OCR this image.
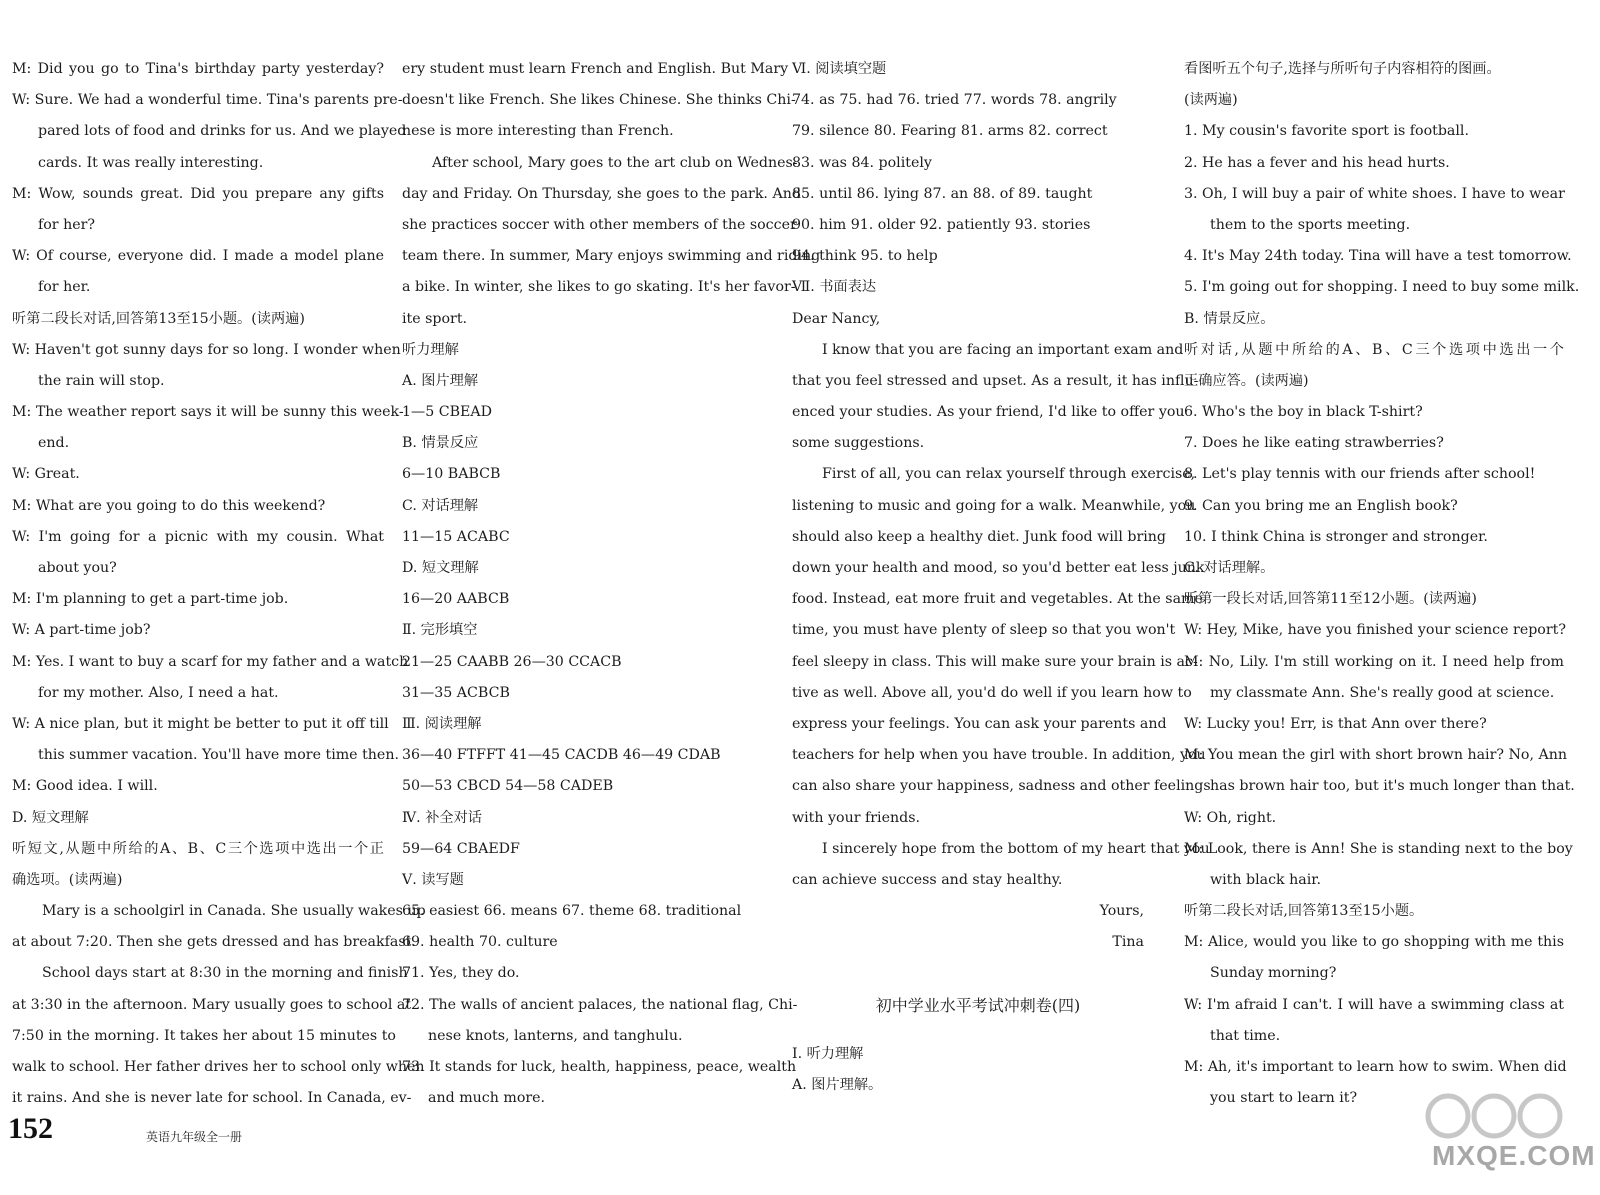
M: Did you go to Tina's birthday party yesterday?
W: Sure. We had a wonderful time. Tina's parents pre-
pared lots of food and drinks for us. And we played
cards. It was really interesting.
M: Wow, sounds great. Did you prepare any gifts
for her?
W: Of course, everyone did. I made a model plane
for her.
听第二段长对话,回答第13至15小题。(读两遍)
W: Haven't got sunny days for so long. I wonder when
the rain will stop.
M: The weather report says it will be sunny this week-
end.
W: Great.
M: What are you going to do this weekend?
W: I'm going for a picnic with my cousin. What
about you?
M: I'm planning to get a part-time job.
W: A part-time job?
M: Yes. I want to buy a scarf for my father and a watch
for my mother. Also, I need a hat.
W: A nice plan, but it might be better to put it off till
this summer vacation. You'll have more time then.
M: Good idea. I will.
D. 短文理解
听短文,从题中所给的A、B、C三个选项中选出一个正
确选项。(读两遍)
Mary is a schoolgirl in Canada. She usually wakes up
at about 7:20. Then she gets dressed and has breakfast.
School days start at 8:30 in the morning and finish
at 3:30 in the afternoon. Mary usually goes to school at
7:50 in the morning. It takes her about 15 minutes to
walk to school. Her father drives her to school only when
it rains. And she is never late for school. In Canada, ev-
ery student must learn French and English. But Mary
doesn't like French. She likes Chinese. She thinks Chi-
nese is more interesting than French.
After school, Mary goes to the art club on Wednes-
day and Friday. On Thursday, she goes to the park. And
she practices soccer with other members of the soccer
team there. In summer, Mary enjoys swimming and riding
a bike. In winter, she likes to go skating. It's her favor-
ite sport.
听力理解
A. 图片理解
1—5 CBEAD
B. 情景反应
6—10 BABCB
C. 对话理解
11—15 ACABC
D. 短文理解
16—20 AABCB
Ⅱ. 完形填空
21—25 CAABB 26—30 CCACB
31—35 ACBCB
Ⅲ. 阅读理解
36—40 FTFFT 41—45 CACDB 46—49 CDAB
50—53 CBCD 54—58 CADEB
Ⅳ. 补全对话
59—64 CBAEDF
Ⅴ. 读写题
65. easiest 66. means 67. theme 68. traditional
69. health 70. culture
71. Yes, they do.
72. The walls of ancient palaces, the national flag, Chi-
nese knots, lanterns, and tanghulu.
73. It stands for luck, health, happiness, peace, wealth
and much more.
Ⅵ. 阅读填空题
74. as 75. had 76. tried 77. words 78. angrily
79. silence 80. Fearing 81. arms 82. correct
83. was 84. politely
85. until 86. lying 87. an 88. of 89. taught
90. him 91. older 92. patiently 93. stories
94. think 95. to help
Ⅶ. 书面表达
Dear Nancy,
I know that you are facing an important exam and
that you feel stressed and upset. As a result, it has influ-
enced your studies. As your friend, I'd like to offer you
some suggestions.
First of all, you can relax yourself through exercise,
listening to music and going for a walk. Meanwhile, you
should also keep a healthy diet. Junk food will bring
down your health and mood, so you'd better eat less junk
food. Instead, eat more fruit and vegetables. At the same
time, you must have plenty of sleep so that you won't
feel sleepy in class. This will make sure your brain is ac-
tive as well. Above all, you'd do well if you learn how to
express your feelings. You can ask your parents and
teachers for help when you have trouble. In addition, you
can also share your happiness, sadness and other feelings
with your friends.
I sincerely hope from the bottom of my heart that you
can achieve success and stay healthy.
Yours,
Tina
初中学业水平考试冲刺卷(四)
Ⅰ. 听力理解
A. 图片理解。
看图听五个句子,选择与所听句子内容相符的图画。
(读两遍)
1. My cousin's favorite sport is football.
2. He has a fever and his head hurts.
3. Oh, I will buy a pair of white shoes. I have to wear
them to the sports meeting.
4. It's May 24th today. Tina will have a test tomorrow.
5. I'm going out for shopping. I need to buy some milk.
B. 情景反应。
听对话,从题中所给的A、B、C三个选项中选出一个
正确应答。(读两遍)
6. Who's the boy in black T-shirt?
7. Does he like eating strawberries?
8. Let's play tennis with our friends after school!
9. Can you bring me an English book?
10. I think China is stronger and stronger.
C. 对话理解。
听第一段长对话,回答第11至12小题。(读两遍)
W: Hey, Mike, have you finished your science report?
M: No, Lily. I'm still working on it. I need help from
my classmate Ann. She's really good at science.
W: Lucky you! Err, is that Ann over there?
M: You mean the girl with short brown hair? No, Ann
has brown hair too, but it's much longer than that.
W: Oh, right.
M: Look, there is Ann! She is standing next to the boy
with black hair.
听第二段长对话,回答第13至15小题。
M: Alice, would you like to go shopping with me this
Sunday morning?
W: I'm afraid I can't. I will have a swimming class at
that time.
M: Ah, it's important to learn how to swim. When did
you start to learn it?
152	英语九年级全一册
MXQE.COM
